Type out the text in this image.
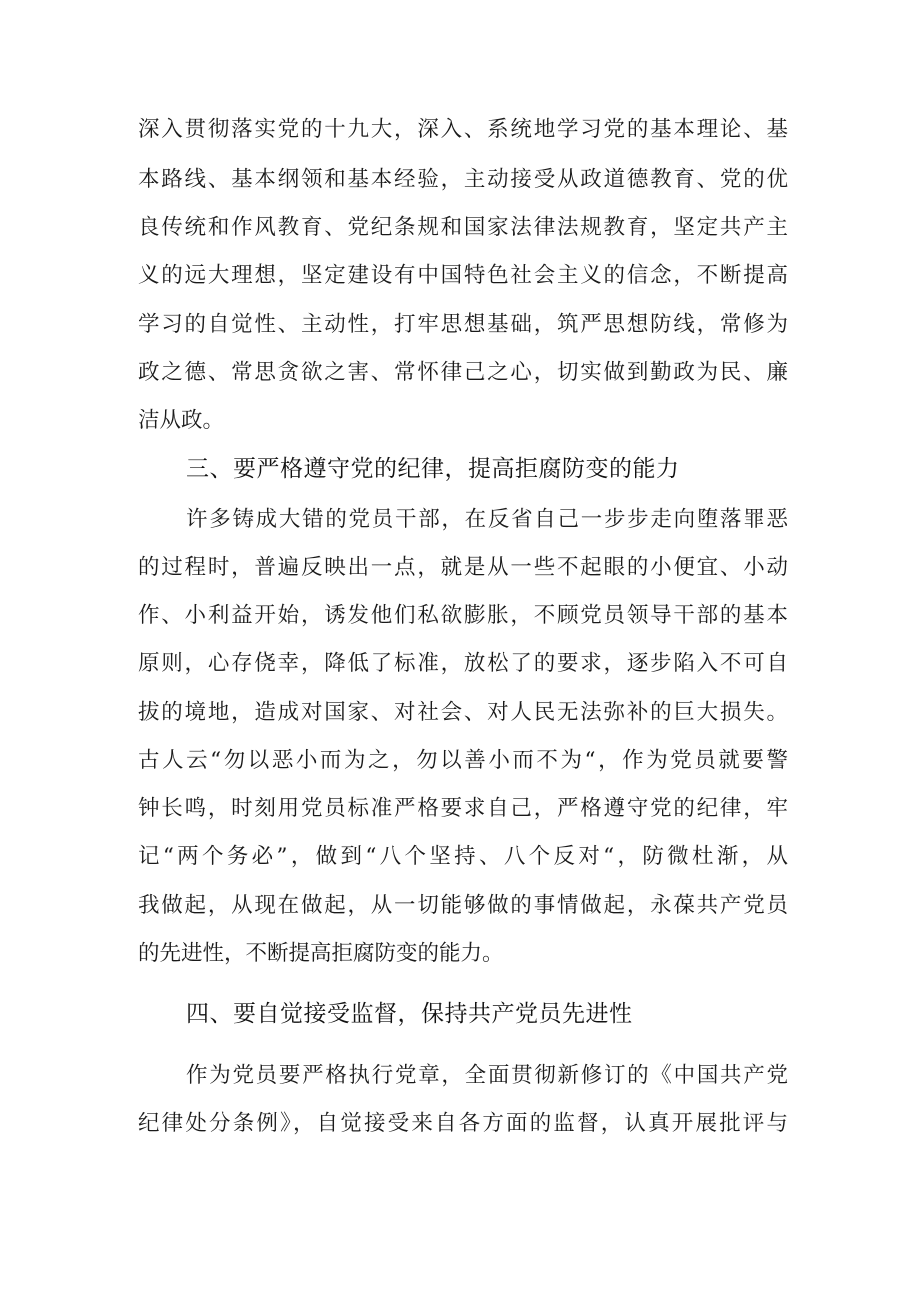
深入贯彻落实党的十九大，深入、系统地学习党的基本理论、基
本路线、基本纲领和基本经验，主动接受从政道德教育、党的优
良传统和作风教育、党纪条规和国家法律法规教育，坚定共产主
义的远大理想，坚定建设有中国特色社会主义的信念，不断提高
学习的自觉性、主动性，打牢思想基础，筑严思想防线，常修为
政之德、常思贪欲之害、常怀律己之心，切实做到勤政为民、廉
洁从政。
三、要严格遵守党的纪律，提高拒腐防变的能力
许多铸成大错的党员干部，在反省自己一步步走向堕落罪恶
的过程时，普遍反映出一点，就是从一些不起眼的小便宜、小动
作、小利益开始，诱发他们私欲膨胀，不顾党员领导干部的基本
原则，心存侥幸，降低了标准，放松了的要求，逐步陷入不可自
拔的境地，造成对国家、对社会、对人民无法弥补的巨大损失。
古人云“勿以恶小而为之，勿以善小而不为“，作为党员就要警
钟长鸣，时刻用党员标准严格要求自己，严格遵守党的纪律，牢
记“两个务必”，做到“八个坚持、八个反对“，防微杜渐，从
我做起，从现在做起，从一切能够做的事情做起，永葆共产党员
的先进性，不断提高拒腐防变的能力。
四、要自觉接受监督，保持共产党员先进性
作为党员要严格执行党章，全面贯彻新修订的《中国共产党
纪律处分条例》，自觉接受来自各方面的监督，认真开展批评与
